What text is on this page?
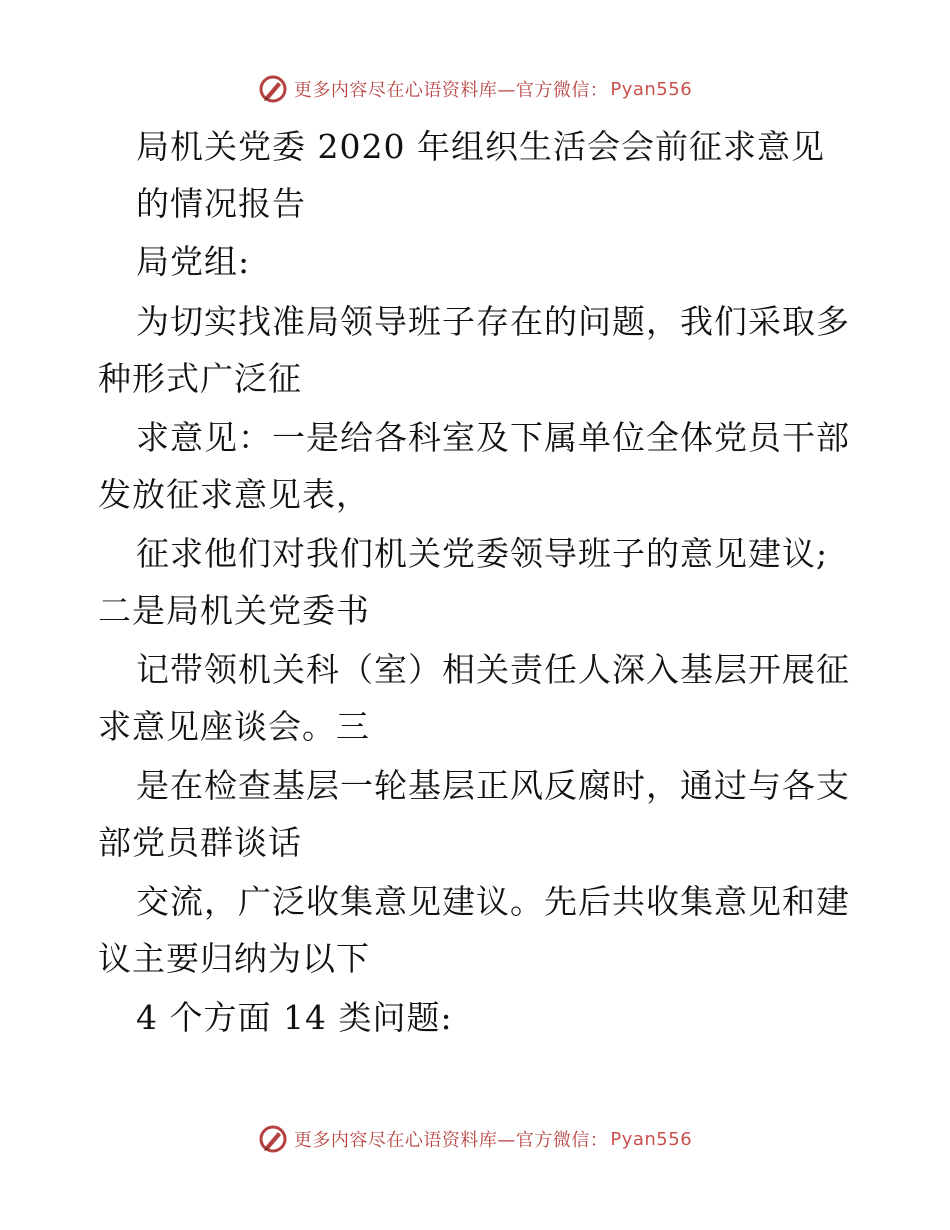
更多内容尽在心语资料库—官方微信： Pyan556
局机关党委 2020 年组织生活会会前征求意见
的情况报告
局党组:
为切实找准局领导班子存在的问题，我们采取多
种形式广泛征
求意见：一是给各科室及下属单位全体党员干部
发放征求意见表，
征求他们对我们机关党委领导班子的意见建议;
二是局机关党委书
记带领机关科（室）相关责任人深入基层开展征
求意见座谈会。三
是在检查基层一轮基层正风反腐时，通过与各支
部党员群谈话
交流，广泛收集意见建议。先后共收集意见和建
议主要归纳为以下
4 个方面 14 类问题:
更多内容尽在心语资料库—官方微信： Pyan556
